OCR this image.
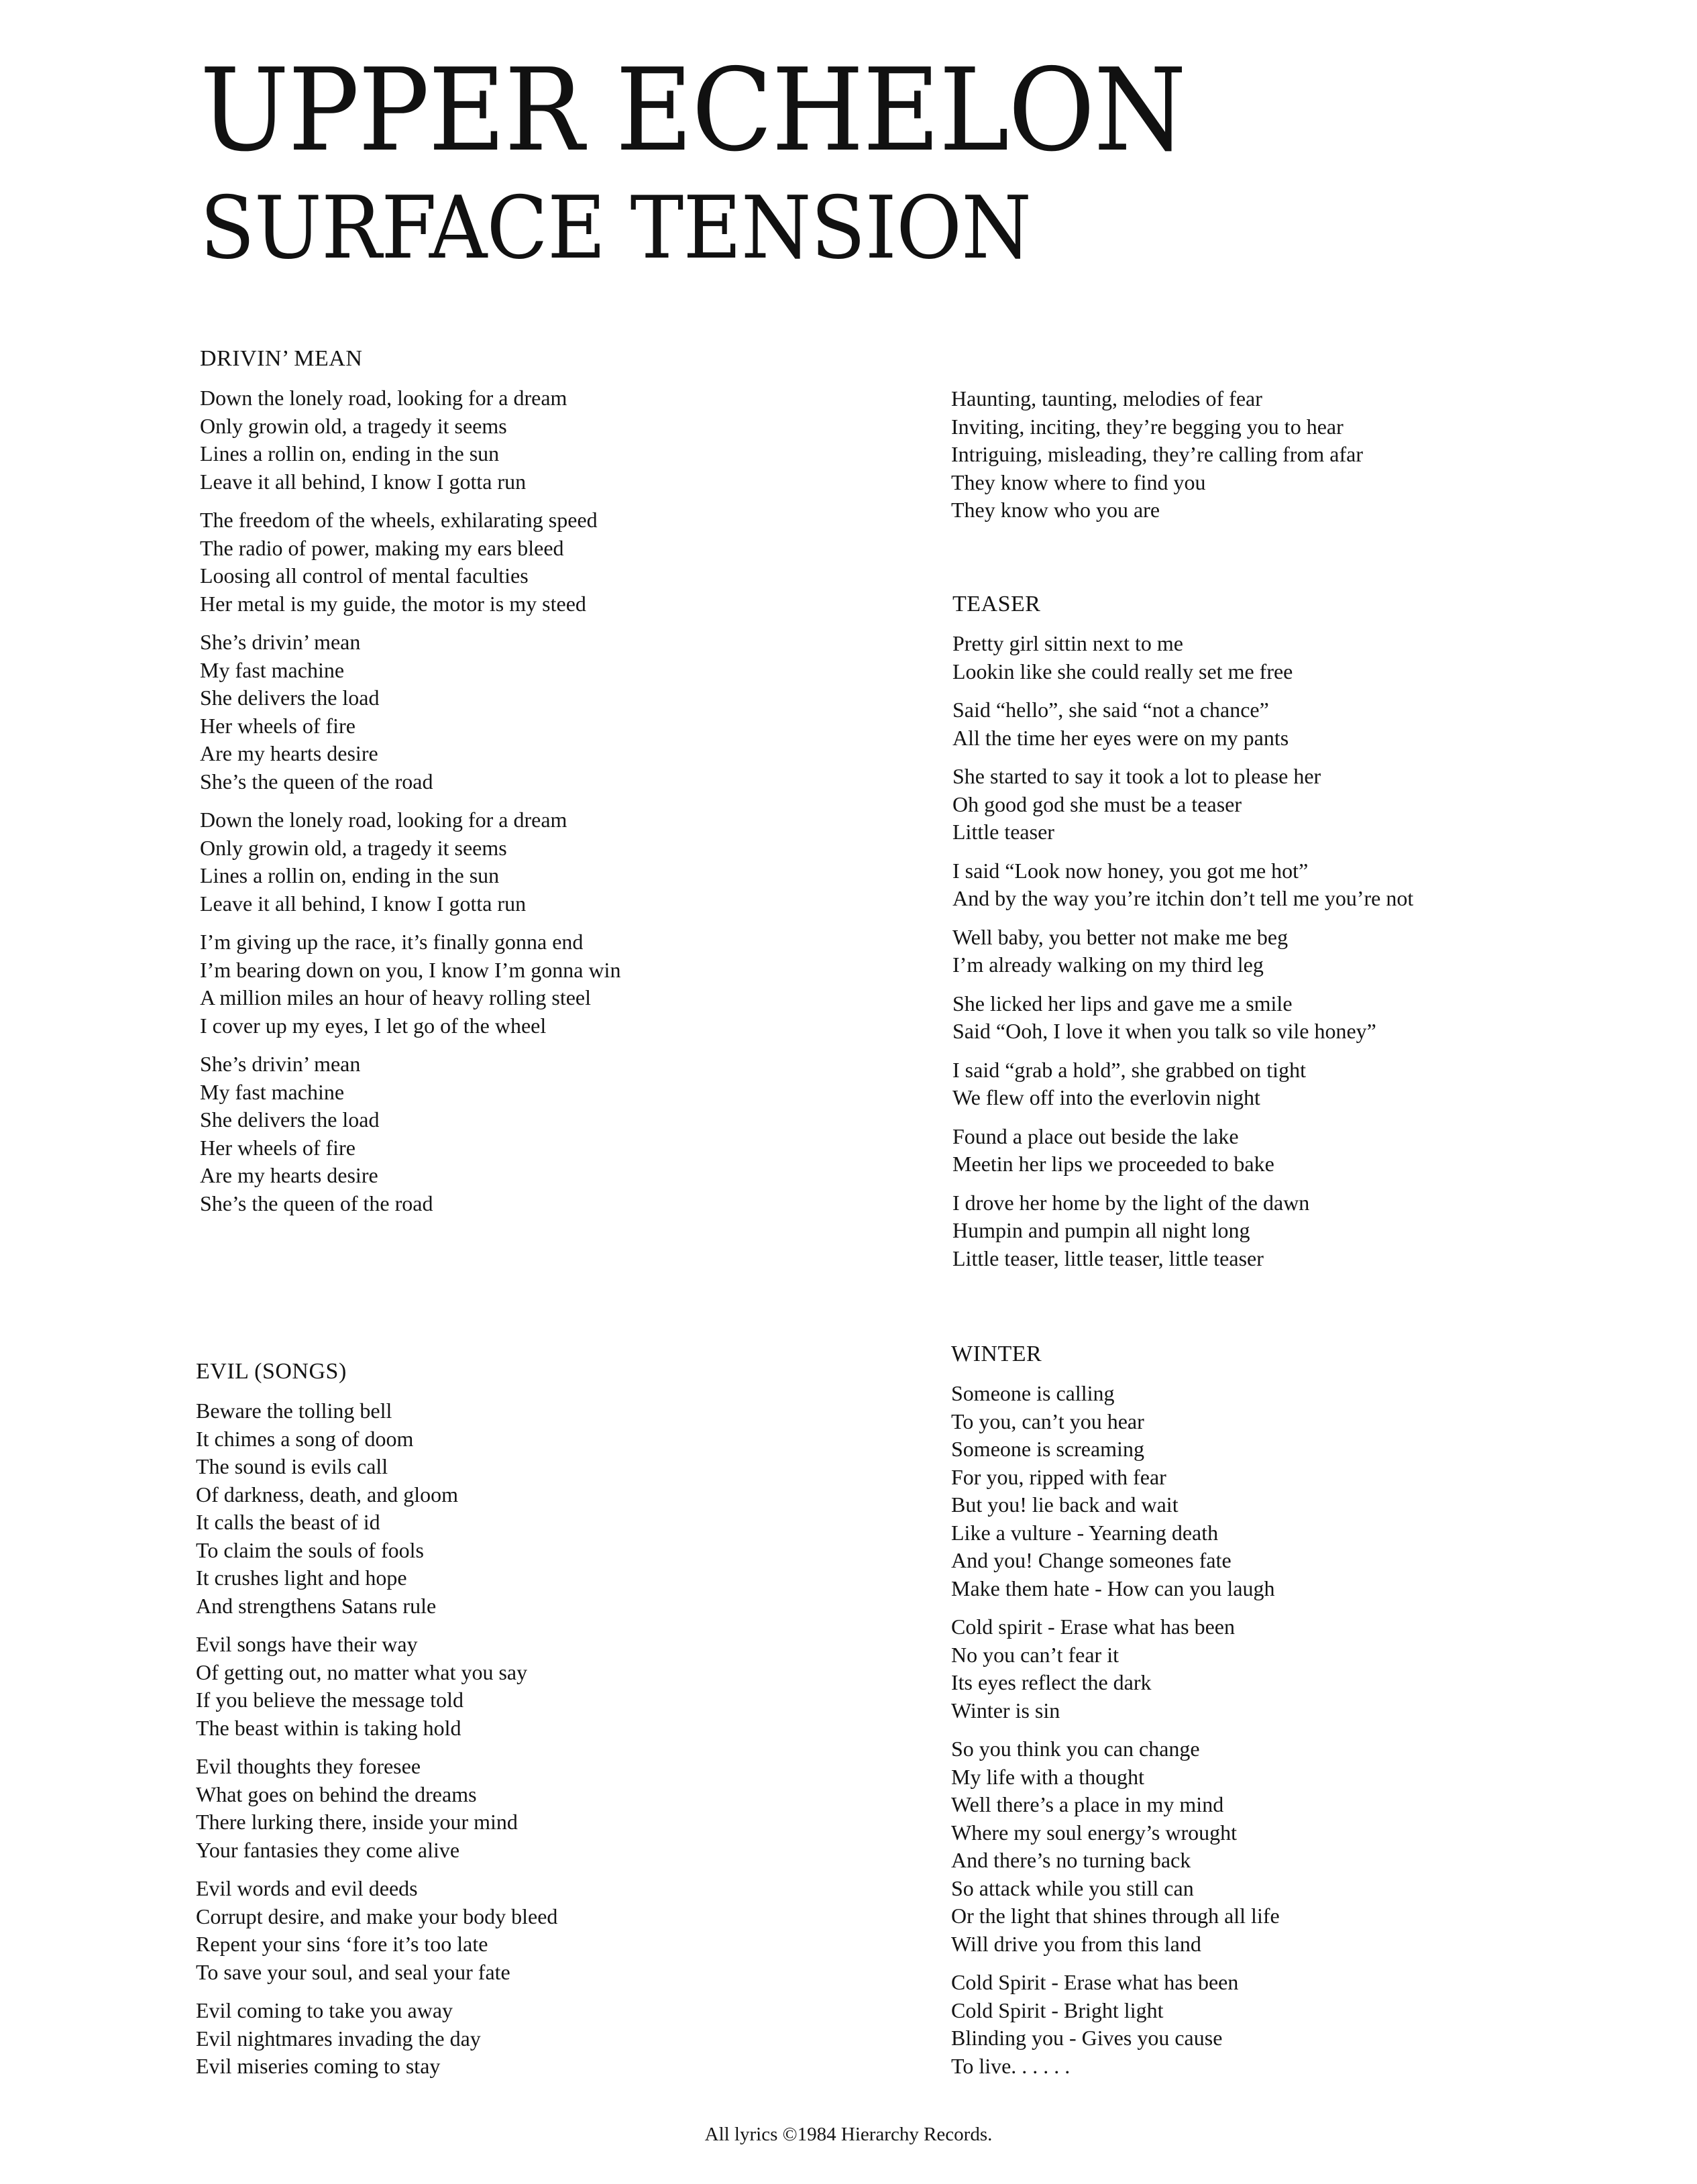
UPPER ECHELON
SURFACE TENSION
DRIVIN’ MEAN
Down the lonely road, looking for a dream
Only growin old, a tragedy it seems
Lines a rollin on, ending in the sun
Leave it all behind, I know I gotta run
The freedom of the wheels, exhilarating speed
The radio of power, making my ears bleed
Loosing all control of mental faculties
Her metal is my guide, the motor is my steed
She’s drivin’ mean
My fast machine
She delivers the load
Her wheels of fire
Are my hearts desire
She’s the queen of the road
Down the lonely road, looking for a dream
Only growin old, a tragedy it seems
Lines a rollin on, ending in the sun
Leave it all behind, I know I gotta run
I’m giving up the race, it’s finally gonna end
I’m bearing down on you, I know I’m gonna win
A million miles an hour of heavy rolling steel
I cover up my eyes, I let go of the wheel
She’s drivin’ mean
My fast machine
She delivers the load
Her wheels of fire
Are my hearts desire
She’s the queen of the road
Haunting, taunting, melodies of fear
Inviting, inciting, they’re begging you to hear
Intriguing, misleading, they’re calling from afar
They know where to find you
They know who you are
TEASER
Pretty girl sittin next to me
Lookin like she could really set me free
Said “hello”, she said “not a chance”
All the time her eyes were on my pants
She started to say it took a lot to please her
Oh good god she must be a teaser
Little teaser
I said “Look now honey, you got me hot”
And by the way you’re itchin don’t tell me you’re not
Well baby, you better not make me beg
I’m already walking on my third leg
She licked her lips and gave me a smile
Said “Ooh, I love it when you talk so vile honey”
I said “grab a hold”, she grabbed on tight
We flew off into the everlovin night
Found a place out beside the lake
Meetin her lips we proceeded to bake
I drove her home by the light of the dawn
Humpin and pumpin all night long
Little teaser, little teaser, little teaser
EVIL (SONGS)
Beware the tolling bell
It chimes a song of doom
The sound is evils call
Of darkness, death, and gloom
It calls the beast of id
To claim the souls of fools
It crushes light and hope
And strengthens Satans rule
Evil songs have their way
Of getting out, no matter what you say
If you believe the message told
The beast within is taking hold
Evil thoughts they foresee
What goes on behind the dreams
There lurking there, inside your mind
Your fantasies they come alive
Evil words and evil deeds
Corrupt desire, and make your body bleed
Repent your sins ‘fore it’s too late
To save your soul, and seal your fate
Evil coming to take you away
Evil nightmares invading the day
Evil miseries coming to stay
WINTER
Someone is calling
To you, can’t you hear
Someone is screaming
For you, ripped with fear
But you! lie back and wait
Like a vulture - Yearning death
And you! Change someones fate
Make them hate - How can you laugh
Cold spirit - Erase what has been
No you can’t fear it
Its eyes reflect the dark
Winter is sin
So you think you can change
My life with a thought
Well there’s a place in my mind
Where my soul energy’s wrought
And there’s no turning back
So attack while you still can
Or the light that shines through all life
Will drive you from this land
Cold Spirit - Erase what has been
Cold Spirit - Bright light
Blinding you - Gives you cause
To live. . . . . .
All lyrics ©1984 Hierarchy Records.
